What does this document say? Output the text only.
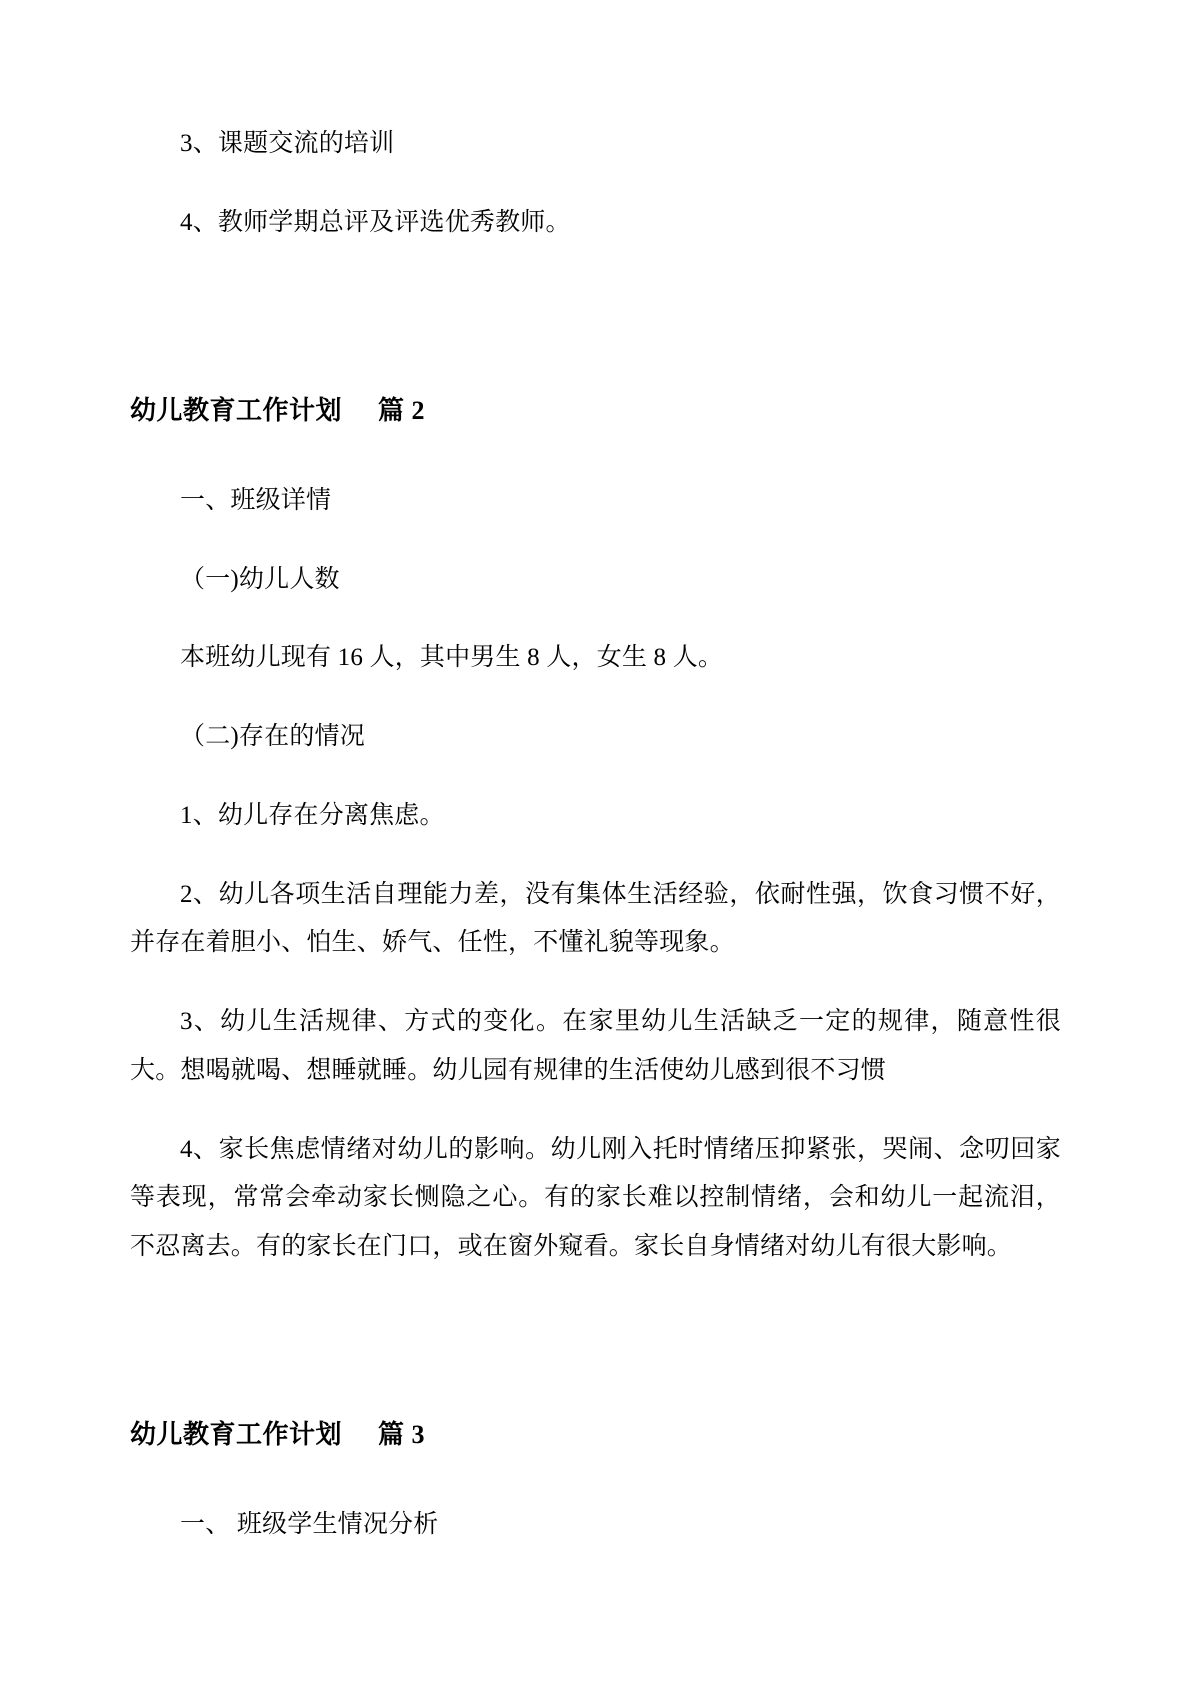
3、课题交流的培训

4、教师学期总评及评选优秀教师。

幼儿教育工作计划 篇 2

一、班级详情

（一)幼儿人数

本班幼儿现有 16 人，其中男生 8 人，女生 8 人。

（二)存在的情况

1、幼儿存在分离焦虑。

2、幼儿各项生活自理能力差，没有集体生活经验，依耐性强，饮食习惯不好，并存在着胆小、怕生、娇气、任性，不懂礼貌等现象。

3、幼儿生活规律、方式的变化。在家里幼儿生活缺乏一定的规律，随意性很大。想喝就喝、想睡就睡。幼儿园有规律的生活使幼儿感到很不习惯

4、家长焦虑情绪对幼儿的影响。幼儿刚入托时情绪压抑紧张，哭闹、念叨回家等表现，常常会牵动家长恻隐之心。有的家长难以控制情绪，会和幼儿一起流泪，不忍离去。有的家长在门口，或在窗外窥看。家长自身情绪对幼儿有很大影响。

幼儿教育工作计划 篇 3

一、 班级学生情况分析
